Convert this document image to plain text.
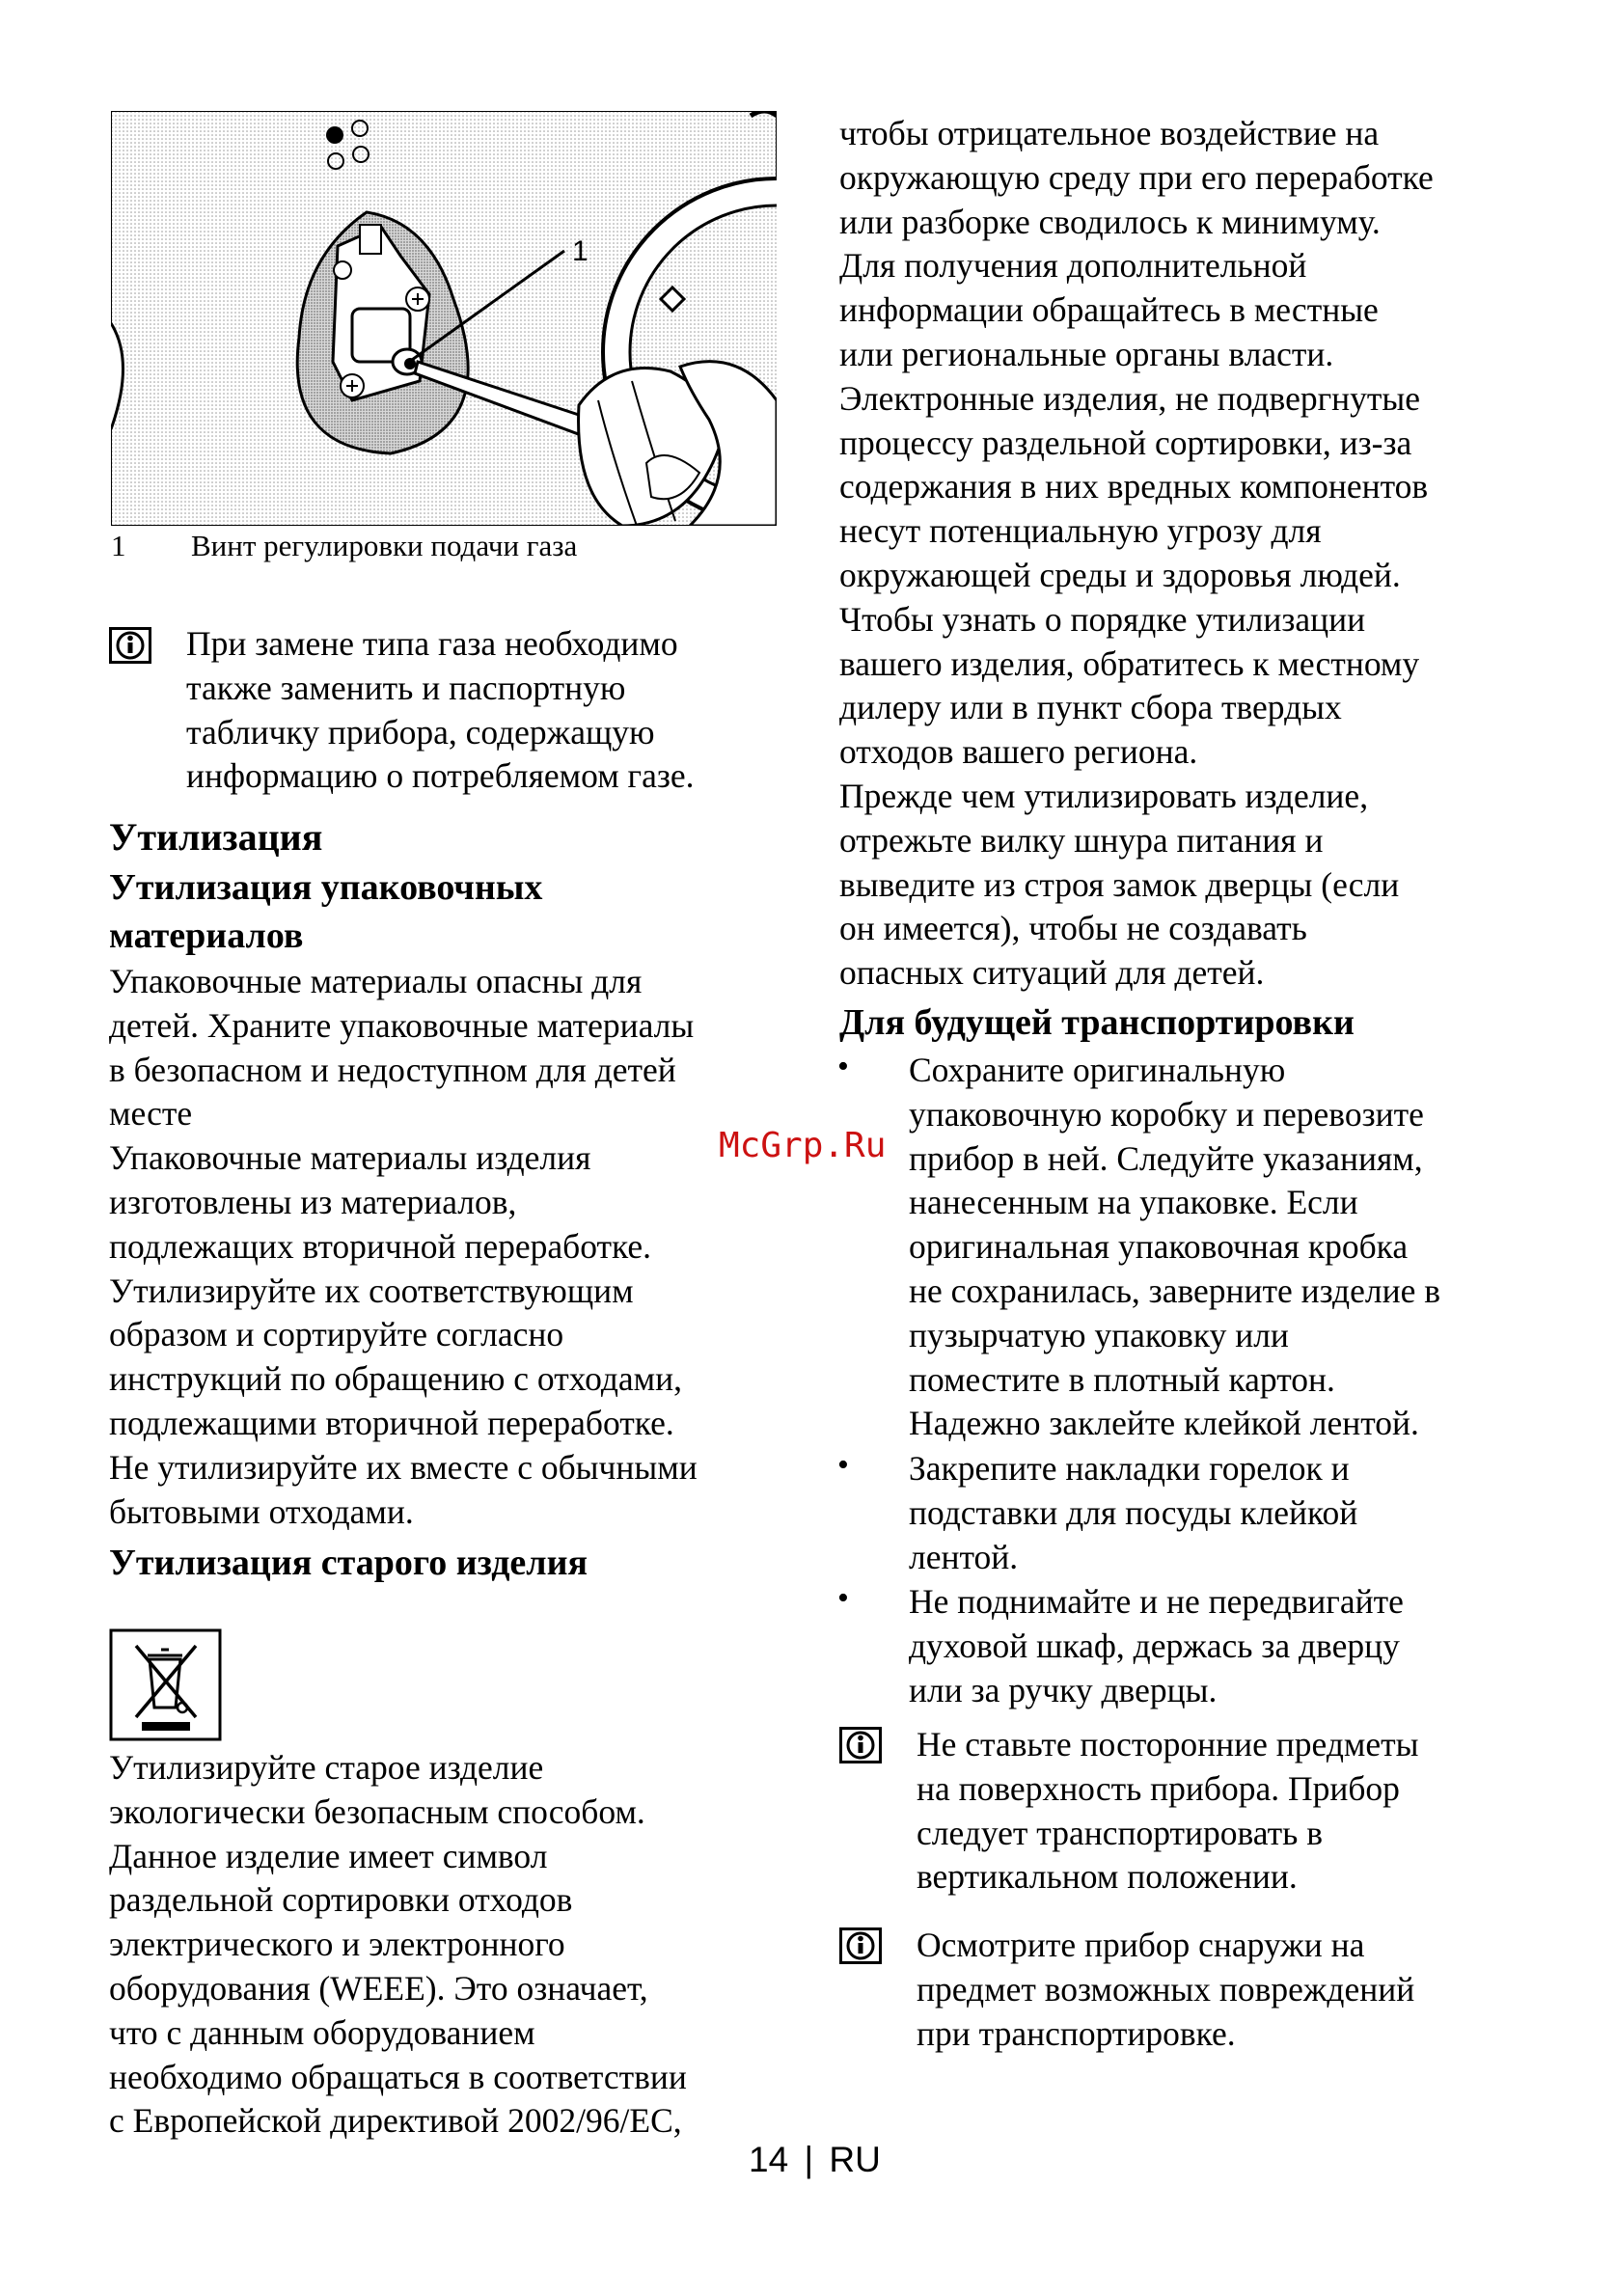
1
1 Винт регулировки подачи газа

При замене типа газа необходимо

также заменить и паспортную

табличку прибора, содержащую

информацию о потребляемом газе.

Утилизация

Утилизация упаковочных

материалов

Упаковочные материалы опасны для

детей. Храните упаковочные материалы

в безопасном и недоступном для детей

месте

Упаковочные материалы изделия

изготовлены из материалов,

подлежащих вторичной переработке.

Утилизируйте их соответствующим

образом и сортируйте согласно

инструкций по обращению с отходами,

подлежащими вторичной переработке.

Не утилизируйте их вместе с обычными

бытовыми отходами.

Утилизация старого изделия

Утилизируйте старое изделие

экологически безопасным способом.

Данное изделие имеет символ

раздельной сортировки отходов

электрического и электронного

оборудования (WEEE). Это означает,

что с данным оборудованием

необходимо обращаться в соответствии

с Европейской директивой 2002/96/EC,

чтобы отрицательное воздействие на

окружающую среду при его переработке

или разборке сводилось к минимуму.

Для получения дополнительной

информации обращайтесь в местные

или региональные органы власти.

Электронные изделия, не подвергнутые

процессу раздельной сортировки, из-за

содержания в них вредных компонентов

несут потенциальную угрозу для

окружающей среды и здоровья людей.

Чтобы узнать о порядке утилизации

вашего изделия, обратитесь к местному

дилеру или в пункт сбора твердых

отходов вашего региона.

Прежде чем утилизировать изделие,

отрежьте вилку шнура питания и

выведите из строя замок дверцы (если

он имеется), чтобы не создавать

опасных ситуаций для детей.

Для будущей транспортировки
• Сохраните оригинальную

упаковочную коробку и перевозите

прибор в ней. Следуйте указаниям,

нанесенным на упаковке. Если

оригинальная упаковочная кробка

не сохранилась, заверните изделие в

пузырчатую упаковку или

поместите в плотный картон.

Надежно заклейте клейкой лентой.

• Закрепите накладки горелок и

подставки для посуды клейкой

лентой.

• Не поднимайте и не передвигайте

духовой шкаф, держась за дверцу

или за ручку дверцы.

Не ставьте посторонние предметы

на поверхность прибора. Прибор

следует транспортировать в

вертикальном положении.

Осмотрите прибор снаружи на

предмет возможных повреждений

при транспортировке.

McGrp.Ru
14 | RU
